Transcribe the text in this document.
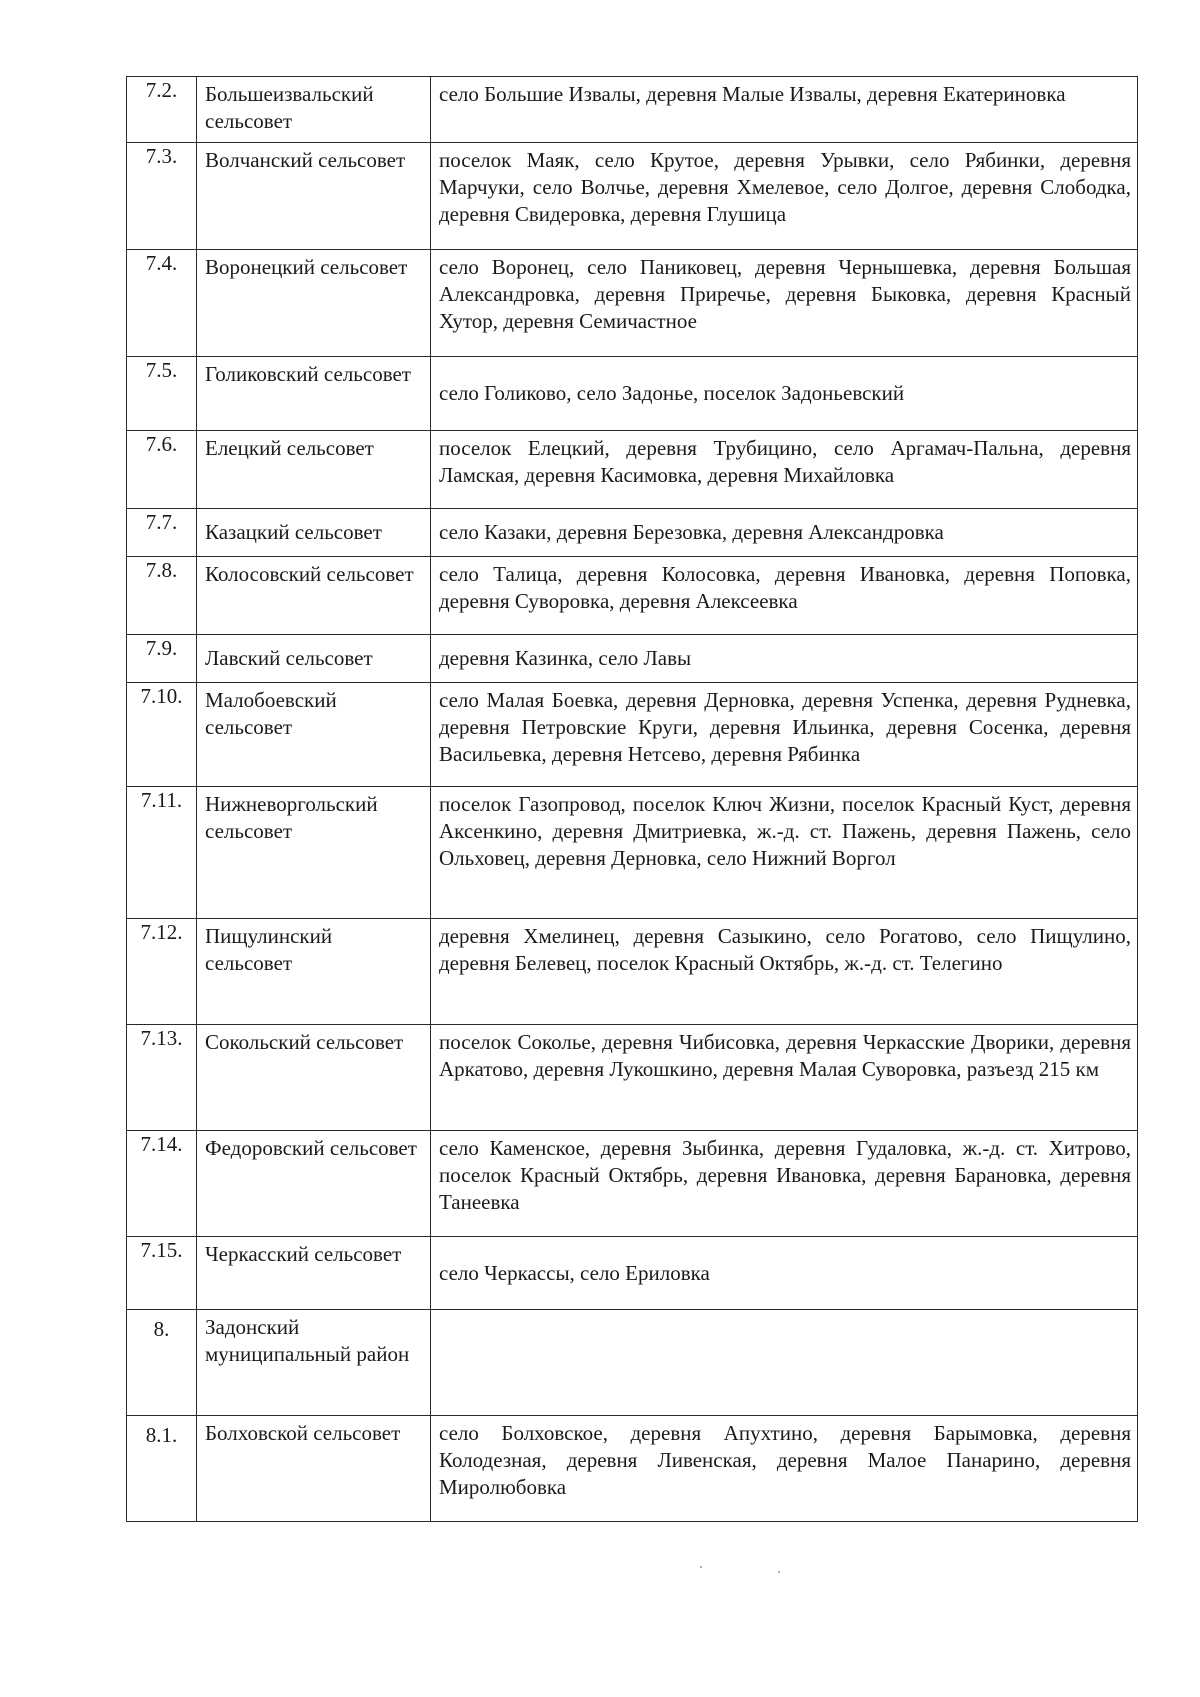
7.2.	Большеизвальский сельсовет	село Большие Извалы, деревня Малые Извалы, деревня Екатериновка
7.3.	Волчанский сельсовет	поселок Маяк, село Крутое, деревня Урывки, село Рябинки, деревня Марчуки, село Волчье, деревня Хмелевое, село Долгое, деревня Слободка, деревня Свидеровка, деревня Глушица
7.4.	Воронецкий сельсовет	село Воронец, село Паниковец, деревня Чернышевка, деревня Большая Александровка, деревня Приречье, деревня Быковка, деревня Красный Хутор, деревня Семичастное
7.5.	Голиковский сельсовет	село Голиково, село Задонье, поселок Задоньевский
7.6.	Елецкий сельсовет	поселок Елецкий, деревня Трубицино, село Аргамач-Пальна, деревня Ламская, деревня Касимовка, деревня Михайловка
7.7.	Казацкий сельсовет	село Казаки, деревня Березовка, деревня Александровка
7.8.	Колосовский сельсовет	село Талица, деревня Колосовка, деревня Ивановка, деревня Поповка, деревня Суворовка, деревня Алексеевка
7.9.	Лавский сельсовет	деревня Казинка, село Лавы
7.10.	Малобоевский сельсовет	село Малая Боевка, деревня Дерновка, деревня Успенка, деревня Рудневка, деревня Петровские Круги, деревня Ильинка, деревня Сосенка, деревня Васильевка, деревня Нетсево, деревня Рябинка
7.11.	Нижневоргольский сельсовет	поселок Газопровод, поселок Ключ Жизни, поселок Красный Куст, деревня Аксенкино, деревня Дмитриевка, ж.-д. ст. Пажень, деревня Пажень, село Ольховец, деревня Дерновка, село Нижний Воргол
7.12.	Пищулинский сельсовет	деревня Хмелинец, деревня Сазыкино, село Рогатово, село Пищулино, деревня Белевец, поселок Красный Октябрь, ж.-д. ст. Телегино
7.13.	Сокольский сельсовет	поселок Соколье, деревня Чибисовка, деревня Черкасские Дворики, деревня Аркатово, деревня Лукошкино, деревня Малая Суворовка, разъезд 215 км
7.14.	Федоровский сельсовет	село Каменское, деревня Зыбинка, деревня Гудаловка, ж.-д. ст. Хитрово, поселок Красный Октябрь, деревня Ивановка, деревня Барановка, деревня Танеевка
7.15.	Черкасский сельсовет	село Черкассы, село Ериловка
8.	Задонский муниципальный район	
8.1.	Болховской сельсовет	село Болховское, деревня Апухтино, деревня Барымовка, деревня Колодезная, деревня Ливенская, деревня Малое Панарино, деревня Миролюбовка
